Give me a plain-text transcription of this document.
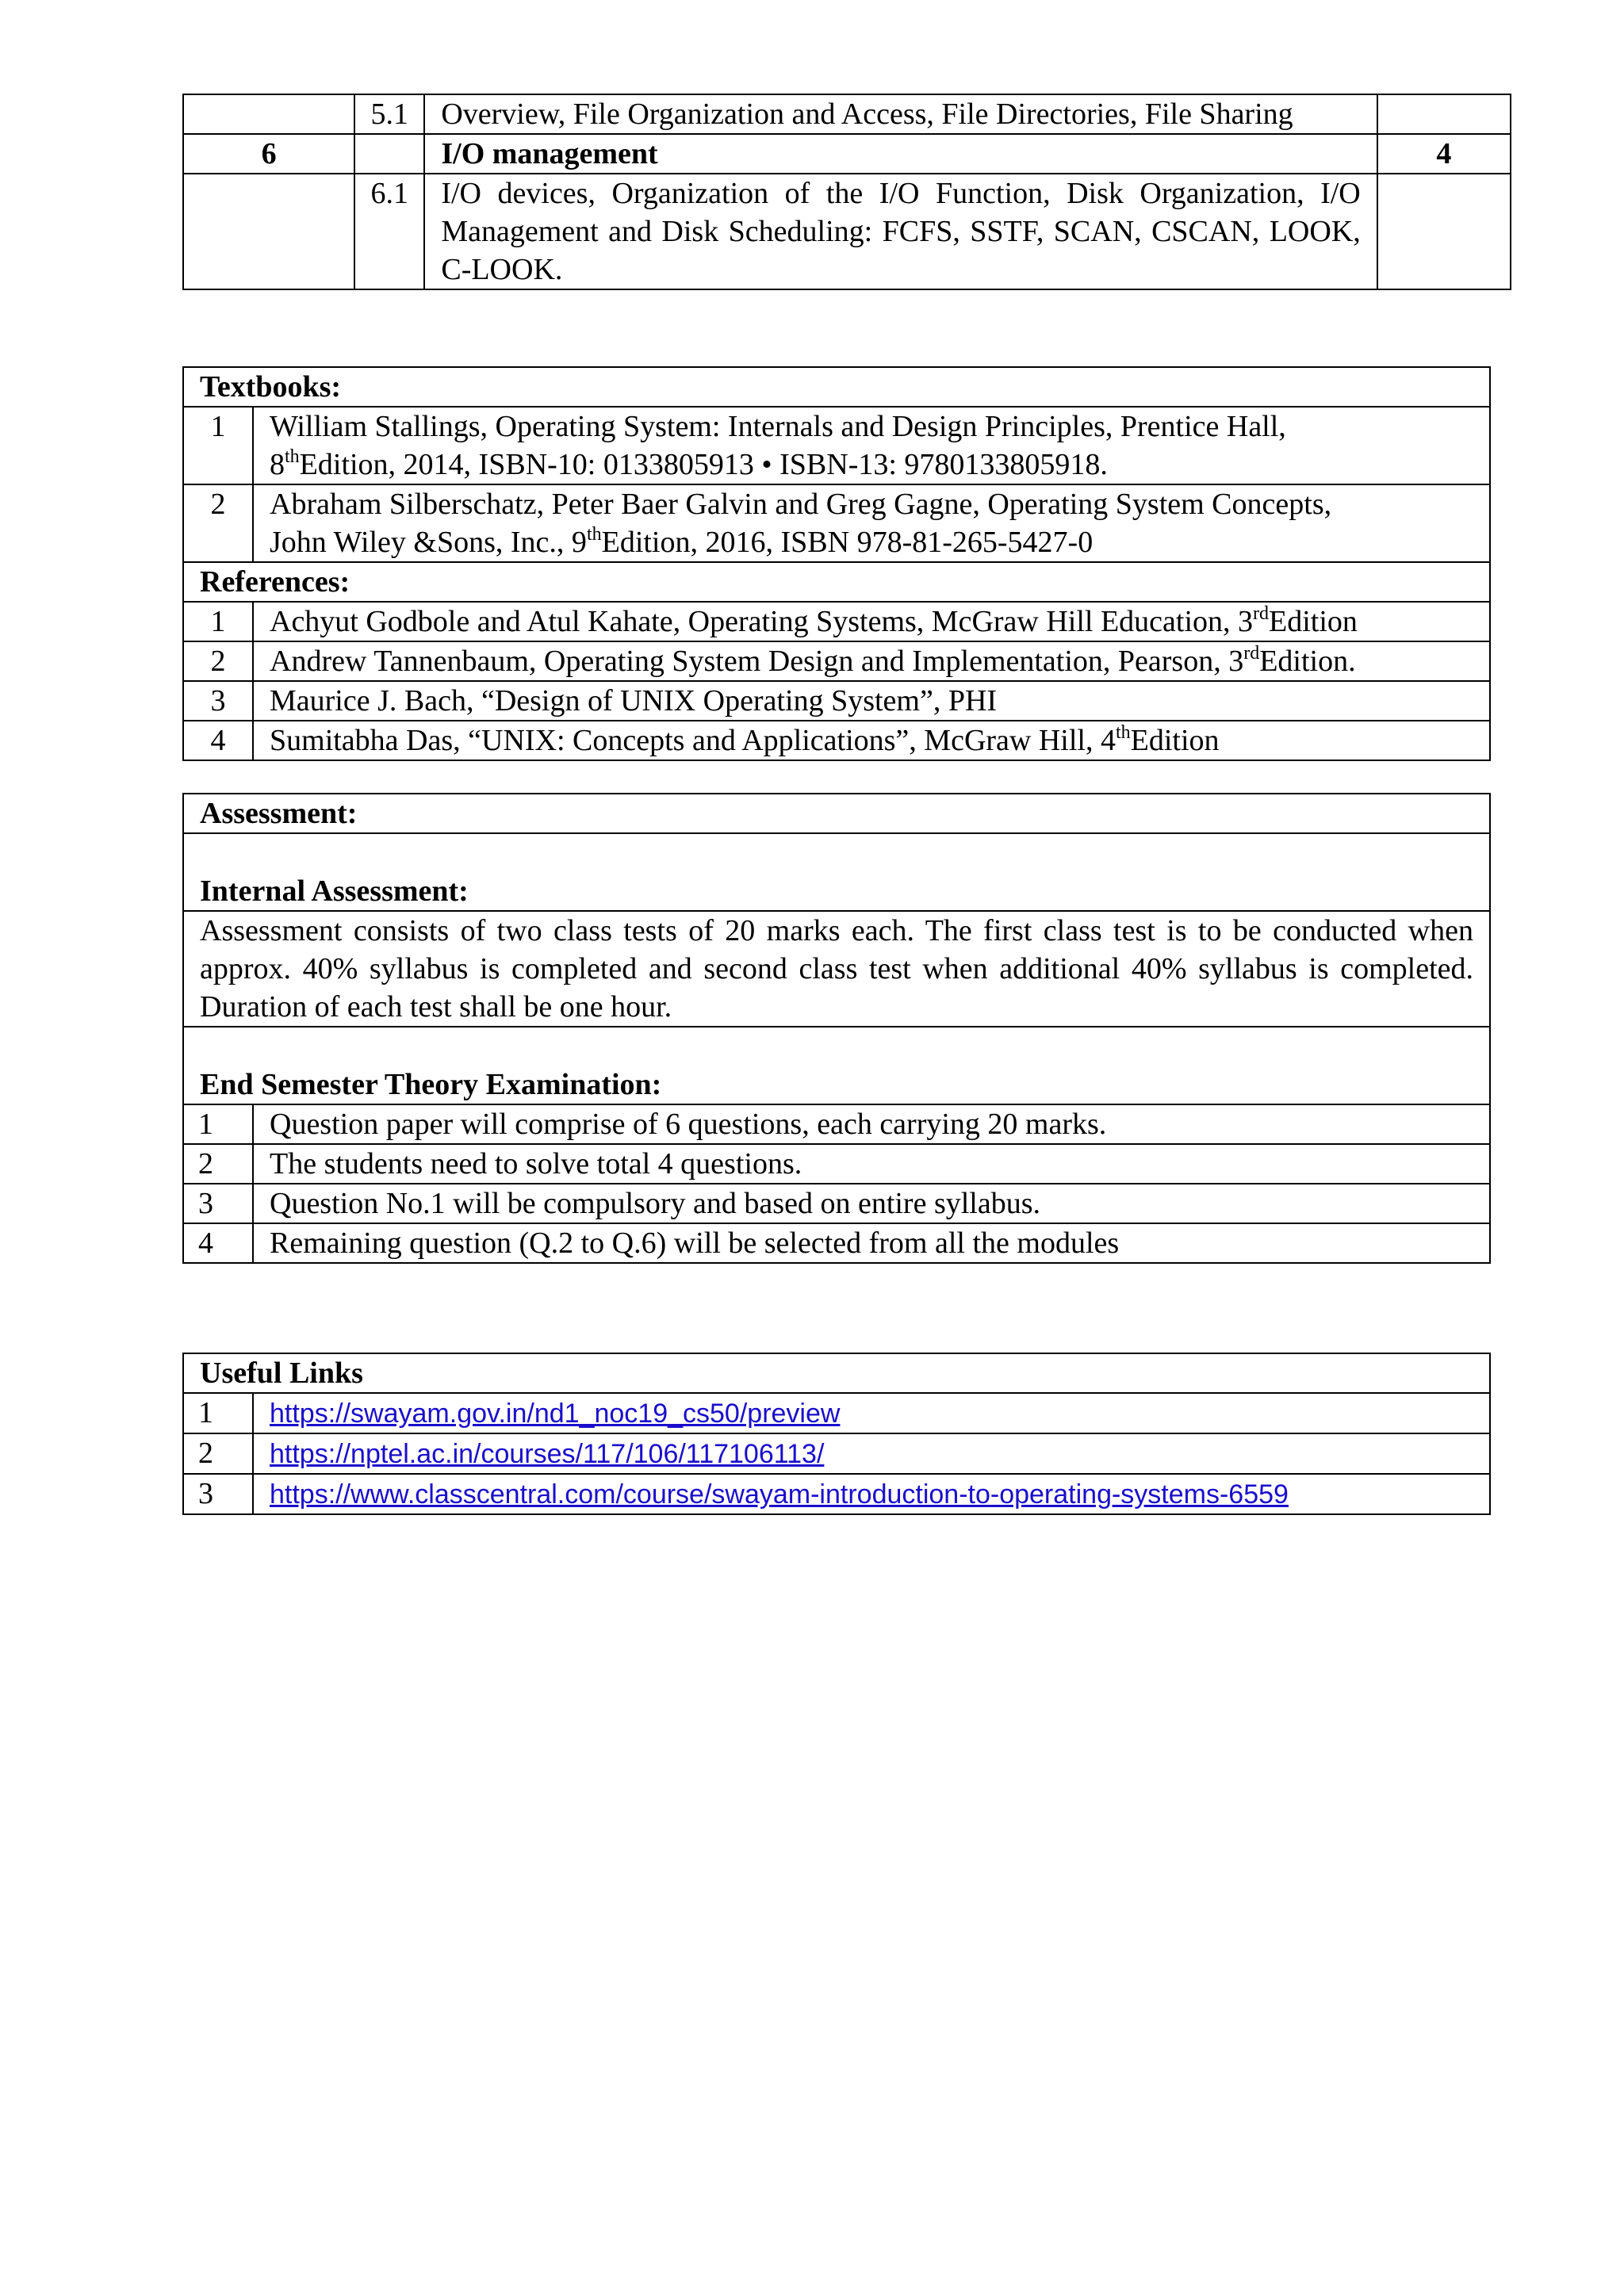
	5.1	Overview, File Organization and Access, File Directories, File Sharing	
6		I/O management	4
	6.1	I/O devices, Organization of the I/O Function, Disk Organization, I/O Management and Disk Scheduling: FCFS, SSTF, SCAN, CSCAN, LOOK, C-LOOK.	
Textbooks:	
1	William Stallings, Operating System: Internals and Design Principles, Prentice Hall,
8thEdition, 2014, ISBN-10: 0133805913 • ISBN-13: 9780133805918.
2	Abraham Silberschatz, Peter Baer Galvin and Greg Gagne, Operating System Concepts,
John Wiley &Sons, Inc., 9thEdition, 2016, ISBN 978-81-265-5427-0
References:	
1	Achyut Godbole and Atul Kahate, Operating Systems, McGraw Hill Education, 3rdEdition
2	Andrew Tannenbaum, Operating System Design and Implementation, Pearson, 3rdEdition.
3	Maurice J. Bach, “Design of UNIX Operating System”, PHI
4	Sumitabha Das, “UNIX: Concepts and Applications”, McGraw Hill, 4thEdition
Assessment:	
Internal Assessment:	
Assessment consists of two class tests of 20 marks each. The first class test is to be conducted when approx. 40% syllabus is completed and second class test when additional 40% syllabus is completed. Duration of each test shall be one hour.	
End Semester Theory Examination:	
1	Question paper will comprise of 6 questions, each carrying 20 marks.
2	The students need to solve total 4 questions.
3	Question No.1 will be compulsory and based on entire syllabus.
4	Remaining question (Q.2 to Q.6) will be selected from all the modules
Useful Links	
1	https://swayam.gov.in/nd1_noc19_cs50/preview
2	https://nptel.ac.in/courses/117/106/117106113/
3	https://www.classcentral.com/course/swayam-introduction-to-operating-systems-6559
